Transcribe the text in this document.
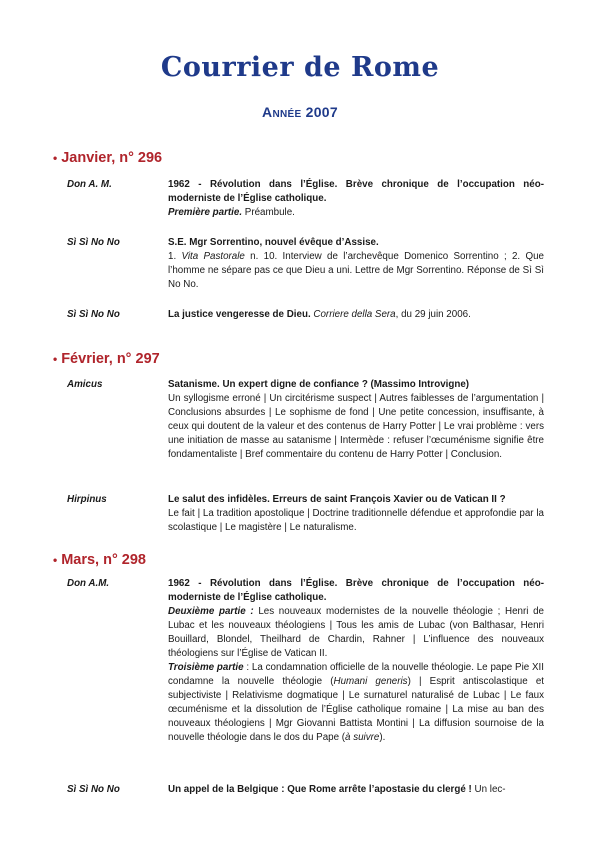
Courrier de Rome
Année 2007
• Janvier, n° 296
Don A. M.	1962 - Révolution dans l’Église. Brève chronique de l’occupation néo-moderniste de l’Église catholique.

Première partie. Préambule.

Sì Sì No No	S.E. Mgr Sorrentino, nouvel évêque d’Assise.

1. Vita Pastorale n. 10. Interview de l’archevêque Domenico Sorrentino ; 2. Que l’homme ne sépare pas ce que Dieu a uni. Lettre de Mgr Sorrentino. Réponse de Sì Sì No No.

Sì Sì No No	La justice vengeresse de Dieu. Corriere della Sera, du 29 juin 2006.

• Février, n° 297
Amicus	Satanisme. Un expert digne de confiance ? (Massimo Introvigne)

Un syllogisme erroné | Un circitérisme suspect | Autres faiblesses de l’argumentation | Conclusions absurdes | Le sophisme de fond | Une petite concession, insuffisante, à ceux qui doutent de la valeur et des contenus de Harry Potter | Le vrai problème : vers une initiation de masse au satanisme | Intermède : refuser l’œcuménisme signifie être fondamentaliste | Bref commentaire du contenu de Harry Potter | Conclusion.

Hirpinus	Le salut des infidèles. Erreurs de saint François Xavier ou de Vatican II ?

Le fait | La tradition apostolique | Doctrine traditionnelle défendue et approfondie par la scolastique | Le magistère | Le naturalisme.

• Mars, n° 298
Don A.M.	1962 - Révolution dans l’Église. Brève chronique de l’occupation néo-moderniste de l’Église catholique.

Deuxième partie : Les nouveaux modernistes de la nouvelle théologie ; Henri de Lubac et les nouveaux théologiens | Tous les amis de Lubac (von Balthasar, Henri Bouillard, Blondel, Theilhard de Chardin, Rahner | L’influence des nouveaux théologiens sur l’Église de Vatican II.

Troisième partie : La condamnation officielle de la nouvelle théologie. Le pape Pie XII condamne la nouvelle théologie (Humani generis) | Esprit antiscolastique et subjectiviste | Relativisme dogmatique | Le surnaturel naturalisé de Lubac | Le faux œcuménisme et la dissolution de l’Église catholique romaine | La mise au ban des nouveaux théologiens | Mgr Giovanni Battista Montini | La diffusion sournoise de la nouvelle théologie dans le dos du Pape (à suivre).

Sì Sì No No	Un appel de la Belgique : Que Rome arrête l’apostasie du clergé ! Un lec-
